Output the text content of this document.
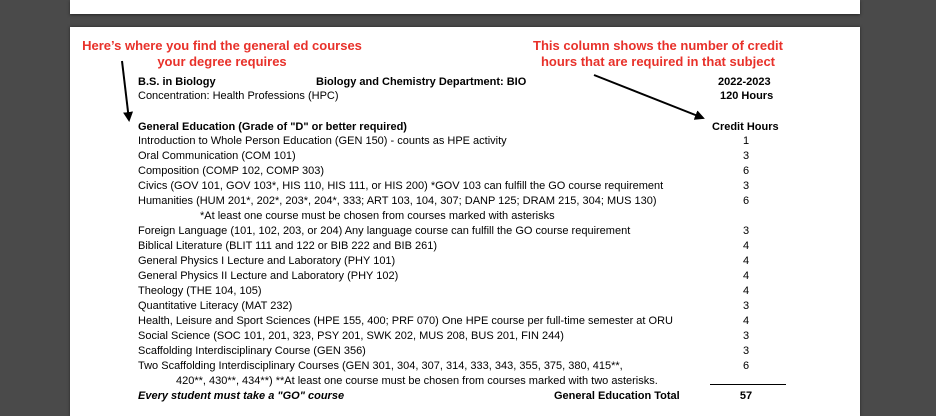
Here’s where you find the general ed courses
your degree requires
This column shows the number of credit
hours that are required in that subject
B.S. in Biology	Biology and Chemistry Department: BIO	2022-2023
Concentration: Health Professions (HPC)	120 Hours
General Education (Grade of "D" or better required)	Credit Hours
Introduction to Whole Person Education (GEN 150) - counts as HPE activity	1
Oral Communication (COM 101)	3
Composition (COMP 102, COMP 303)	6
Civics (GOV 101, GOV 103*, HIS 110, HIS 111, or HIS 200) *GOV 103 can fulfill the GO course requirement	3
Humanities (HUM 201*, 202*, 203*, 204*, 333; ART 103, 104, 307; DANP 125; DRAM 215, 304; MUS 130)	6
*At least one course must be chosen from courses marked with asterisks
Foreign Language (101, 102, 203, or 204) Any language course can fulfill the GO course requirement	3
Biblical Literature (BLIT 111 and 122 or BIB 222 and BIB 261)	4
General Physics I Lecture and Laboratory (PHY 101)	4
General Physics II Lecture and Laboratory (PHY 102)	4
Theology (THE 104, 105)	4
Quantitative Literacy (MAT 232)	3
Health, Leisure and Sport Sciences (HPE 155, 400; PRF 070) One HPE course per full-time semester at ORU	4
Social Science (SOC 101, 201, 323, PSY 201, SWK 202, MUS 208, BUS 201, FIN 244)	3
Scaffolding Interdisciplinary Course (GEN 356)	3
Two Scaffolding Interdisciplinary Courses (GEN 301, 304, 307, 314, 333, 343, 355, 375, 380, 415**,	6
420**, 430**, 434**) **At least one course must be chosen from courses marked with two asterisks.
Every student must take a "GO" course	General Education Total	57
